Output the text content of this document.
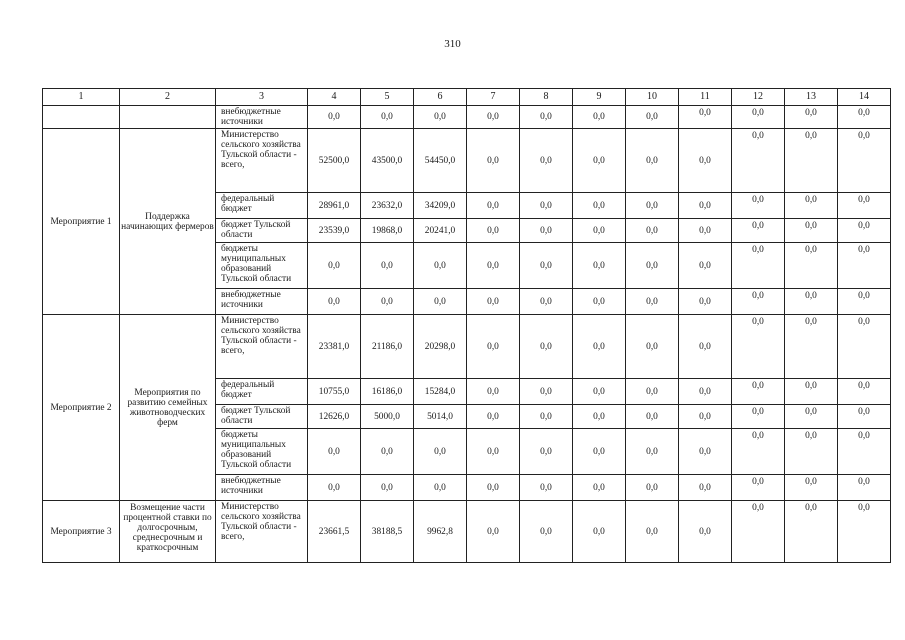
310
1	2	3	4	5	6	7	8	9	10	11	12	13	14
		внебюджетные источники	0,0	0,0	0,0	0,0	0,0	0,0	0,0	0,0	0,0	0,0	0,0
Мероприятие 1	Поддержка начинающих фермеров	Министерство сельского хозяйства Тульской области - всего,	52500,0	43500,0	54450,0	0,0	0,0	0,0	0,0	0,0	0,0	0,0	0,0
		федеральный бюджет	28961,0	23632,0	34209,0	0,0	0,0	0,0	0,0	0,0	0,0	0,0	0,0
		бюджет Тульской области	23539,0	19868,0	20241,0	0,0	0,0	0,0	0,0	0,0	0,0	0,0	0,0
		бюджеты муниципальных образований Тульской области	0,0	0,0	0,0	0,0	0,0	0,0	0,0	0,0	0,0	0,0	0,0
		внебюджетные источники	0,0	0,0	0,0	0,0	0,0	0,0	0,0	0,0	0,0	0,0	0,0
Мероприятие 2	Мероприятия по развитию семейных животноводческих ферм	Министерство сельского хозяйства Тульской области - всего,	23381,0	21186,0	20298,0	0,0	0,0	0,0	0,0	0,0	0,0	0,0	0,0
		федеральный бюджет	10755,0	16186,0	15284,0	0,0	0,0	0,0	0,0	0,0	0,0	0,0	0,0
		бюджет Тульской области	12626,0	5000,0	5014,0	0,0	0,0	0,0	0,0	0,0	0,0	0,0	0,0
		бюджеты муниципальных образований Тульской области	0,0	0,0	0,0	0,0	0,0	0,0	0,0	0,0	0,0	0,0	0,0
		внебюджетные источники	0,0	0,0	0,0	0,0	0,0	0,0	0,0	0,0	0,0	0,0	0,0
Мероприятие 3	Возмещение части процентной ставки по долгосрочным, среднесрочным и краткосрочным	Министерство сельского хозяйства Тульской области - всего,	23661,5	38188,5	9962,8	0,0	0,0	0,0	0,0	0,0	0,0	0,0	0,0
